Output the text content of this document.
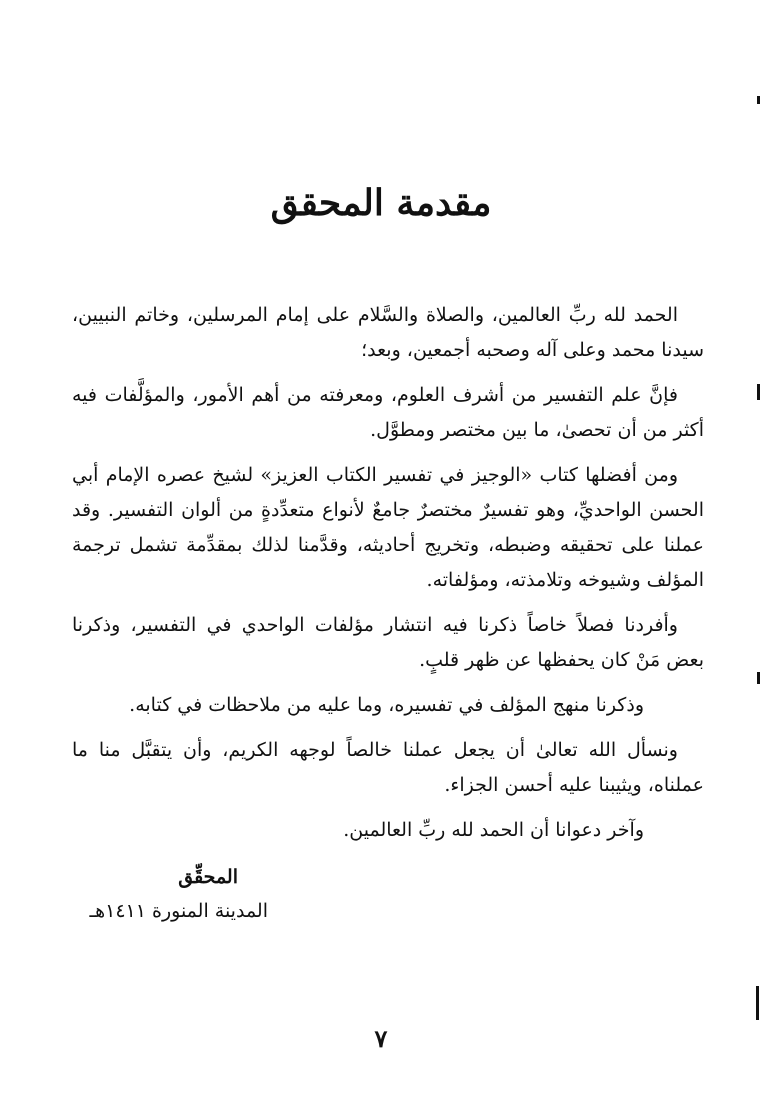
مقدمة المحقق

الحمد لله ربِّ العالمين، والصلاة والسَّلام على إمام المرسلين، وخاتم النبيين، سيدنا محمد وعلى آله وصحبه أجمعين، وبعد؛

فإنَّ علم التفسير من أشرف العلوم، ومعرفته من أهم الأمور، والمؤلَّفات فيه أكثر من أن تحصىٰ، ما بين مختصر ومطوَّل.

ومن أفضلها كتاب «الوجيز في تفسير الكتاب العزيز» لشيخ عصره الإمام أبي الحسن الواحديِّ، وهو تفسيرٌ مختصرٌ جامعٌ لأنواع متعدِّدةٍ من ألوان التفسير. وقد عملنا على تحقيقه وضبطه، وتخريج أحاديثه، وقدَّمنا لذلك بمقدِّمة تشمل ترجمة المؤلف وشيوخه وتلامذته، ومؤلفاته.

وأفردنا فصلاً خاصاً ذكرنا فيه انتشار مؤلفات الواحدي في التفسير، وذكرنا بعض مَنْ كان يحفظها عن ظهر قلبٍ.

وذكرنا منهج المؤلف في تفسيره، وما عليه من ملاحظات في كتابه.

ونسأل الله تعالىٰ أن يجعل عملنا خالصاً لوجهه الكريم، وأن يتقبَّل منا ما عملناه، ويثيبنا عليه أحسن الجزاء.

وآخر دعوانا أن الحمد لله ربِّ العالمين.

المحقِّق
المدينة المنورة ١٤١١هـ
٧
